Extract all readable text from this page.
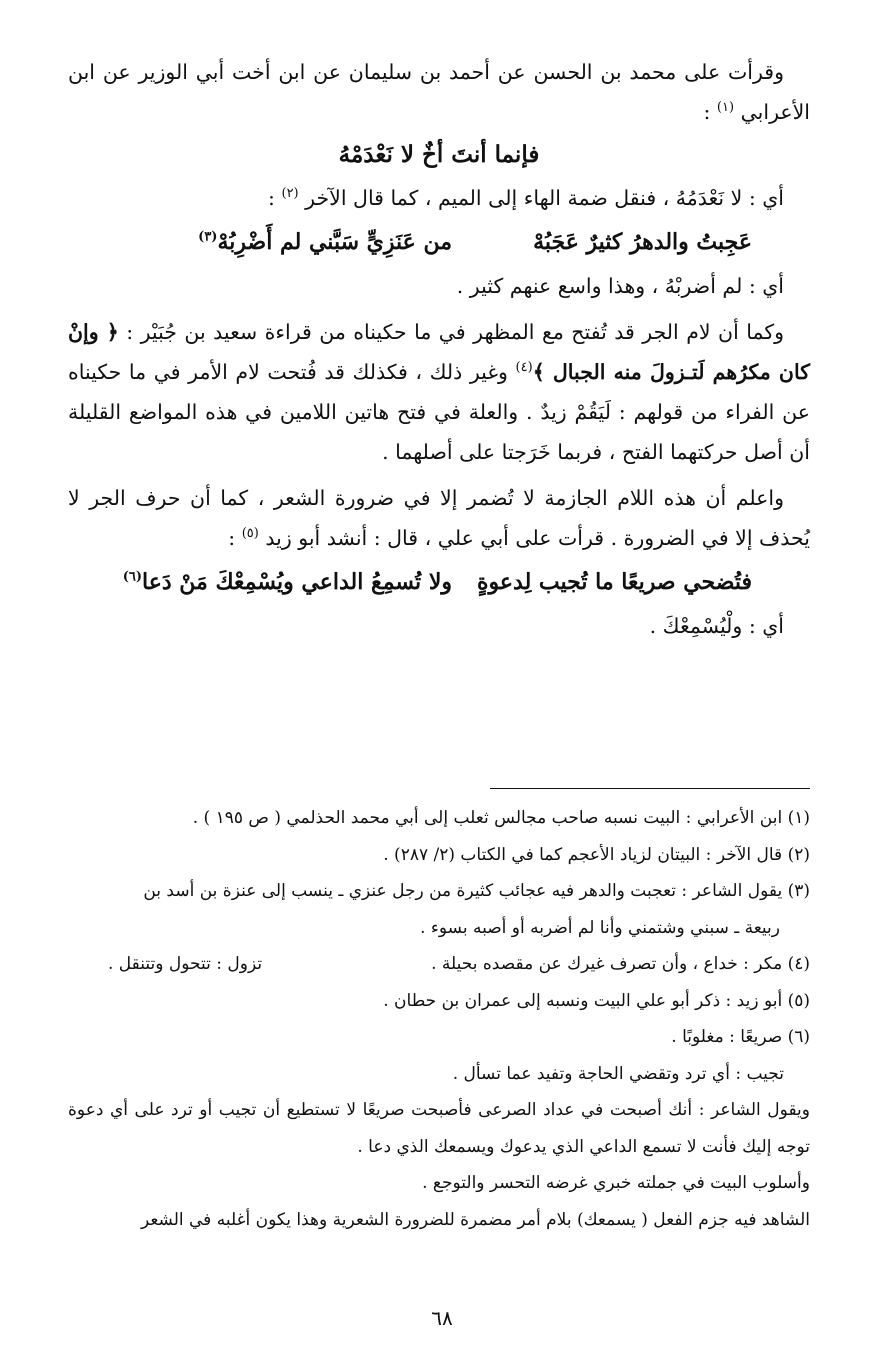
وقرأت على محمد بن الحسن عن أحمد بن سليمان عن ابن أخت أبي الوزير عن ابن الأعرابي $^{(١)}$ :

فإنما أنتَ أخٌ لا نَعْدَمْهُ

أي : لا نَعْدَمُهُ ، فنقل ضمة الهاء إلى الميم ، كما قال الآخر $^{(٢)}$ :

عَجِبتُ والدهرُ كثيرٌ عَجَبُهْ
من عَنَزِيٍّ سَبَّني لم أَضْرِبُهْ$^{(٣)}$

أي : لم أضربْهُ ، وهذا واسع عنهم كثير .

وكما أن لام الجر قد تُفتح مع المظهر في ما حكيناه من قراءة سعيد بن جُبَيْر : ﴿ وإنْ كان مكرُهم لَتـزولَ منه الجبال ﴾$^{(٤)}$ وغير ذلك ، فكذلك قد فُتحت لام الأمر في ما حكيناه عن الفراء من قولهم : لَيَقُمْ زيدٌ . والعلة في فتح هاتين اللامين في هذه المواضع القليلة أن أصل حركتهما الفتح ، فربما خَرَجتا على أصلهما .

واعلم أن هذه اللام الجازمة لا تُضمر إلا في ضرورة الشعر ، كما أن حرف الجر لا يُحذف إلا في الضرورة . قرأت على أبي علي ، قال : أنشد أبو زيد $^{(٥)}$ :

فتُضحي صريعًا ما تُجيب لِدعوةٍ
ولا تُسمِعُ الداعي ويُسْمِعْكَ مَنْ دَعا$^{(٦)}$

أي : ولْيُسْمِعْكَ .

(١) ابن الأعرابي : البيت نسبه صاحب مجالس ثعلب إلى أبي محمد الحذلمي ( ص ١٩٥ ) .

(٢) قال الآخر : البيتان لزياد الأعجم كما في الكتاب (٢/ ٢٨٧) .

(٣) يقول الشاعر : تعجبت والدهر فيه عجائب كثيرة من رجل عنزي ـ ينسب إلى عنزة بن أسد بن

ربيعة ـ سبني وشتمني وأنا لم أضربه أو أصبه بسوء .

(٤) مكر : خداع ، وأن تصرف غيرك عن مقصده بحيلة .
تزول : تتحول وتتنقل .

(٥) أبو زيد : ذكر أبو علي البيت ونسبه إلى عمران بن حطان .

(٦) صريعًا : مغلوبًا .

تجيب : أي ترد وتقضي الحاجة وتفيد عما تسأل .

ويقول الشاعر : أنك أصبحت في عداد الصرعى فأصبحت صريعًا لا تستطيع أن تجيب أو ترد على أي دعوة توجه إليك فأنت لا تسمع الداعي الذي يدعوك ويسمعك الذي دعا .

وأسلوب البيت في جملته خبري غرضه التحسر والتوجع .

الشاهد فيه جزم الفعل ( يسمعك) بلام أمر مضمرة للضرورة الشعرية وهذا يكون أغلبه في الشعر

٦٨
